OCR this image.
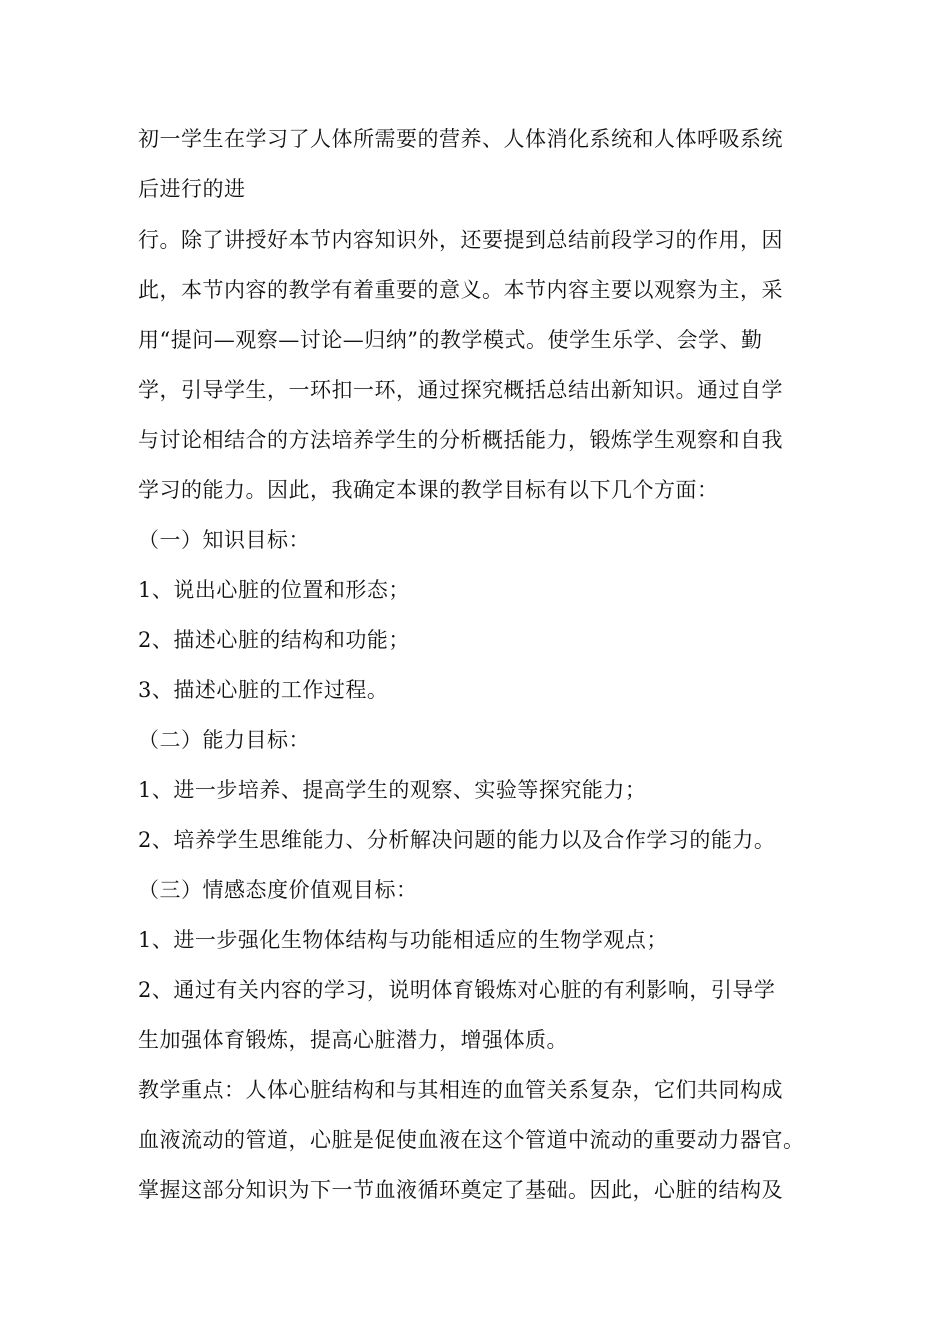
初一学生在学习了人体所需要的营养、人体消化系统和人体呼吸系统
后进行的进
行。除了讲授好本节内容知识外，还要提到总结前段学习的作用，因
此，本节内容的教学有着重要的意义。本节内容主要以观察为主，采
用“提问—观察—讨论—归纳”的教学模式。使学生乐学、会学、勤
学，引导学生，一环扣一环，通过探究概括总结出新知识。通过自学
与讨论相结合的方法培养学生的分析概括能力，锻炼学生观察和自我
学习的能力。因此，我确定本课的教学目标有以下几个方面：
（一）知识目标：
1、说出心脏的位置和形态；
2、描述心脏的结构和功能；
3、描述心脏的工作过程。
（二）能力目标：
1、进一步培养、提高学生的观察、实验等探究能力；
2、培养学生思维能力、分析解决问题的能力以及合作学习的能力。
（三）情感态度价值观目标：
1、进一步强化生物体结构与功能相适应的生物学观点；
2、通过有关内容的学习，说明体育锻炼对心脏的有利影响，引导学
生加强体育锻炼，提高心脏潜力，增强体质。
教学重点：人体心脏结构和与其相连的血管关系复杂，它们共同构成
血液流动的管道，心脏是促使血液在这个管道中流动的重要动力器官。
掌握这部分知识为下一节血液循环奠定了基础。因此，心脏的结构及
